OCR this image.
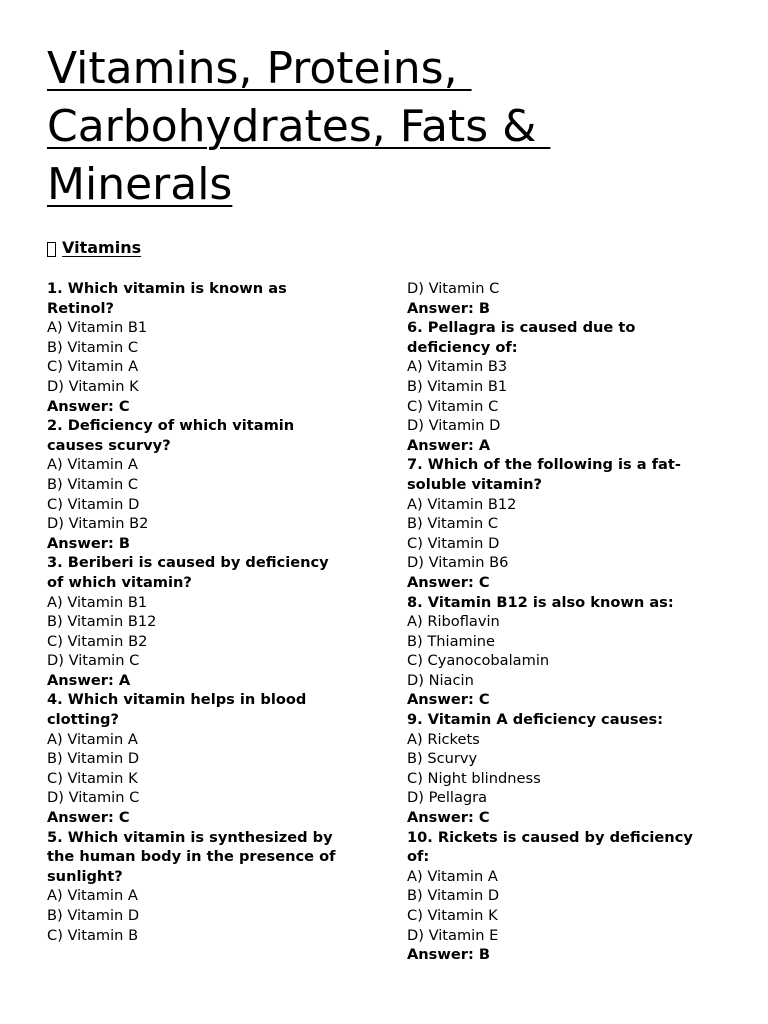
Vitamins, Proteins,
Carbohydrates, Fats &
Minerals
Vitamins
1. Which vitamin is known as
Retinol?
A) Vitamin B1
B) Vitamin C
C) Vitamin A
D) Vitamin K
Answer: C
2. Deficiency of which vitamin
causes scurvy?
A) Vitamin A
B) Vitamin C
C) Vitamin D
D) Vitamin B2
Answer: B
3. Beriberi is caused by deficiency
of which vitamin?
A) Vitamin B1
B) Vitamin B12
C) Vitamin B2
D) Vitamin C
Answer: A
4. Which vitamin helps in blood
clotting?
A) Vitamin A
B) Vitamin D
C) Vitamin K
D) Vitamin C
Answer: C
5. Which vitamin is synthesized by
the human body in the presence of
sunlight?
A) Vitamin A
B) Vitamin D
C) Vitamin B
D) Vitamin C
Answer: B
6. Pellagra is caused due to
deficiency of:
A) Vitamin B3
B) Vitamin B1
C) Vitamin C
D) Vitamin D
Answer: A
7. Which of the following is a fat-
soluble vitamin?
A) Vitamin B12
B) Vitamin C
C) Vitamin D
D) Vitamin B6
Answer: C
8. Vitamin B12 is also known as:
A) Riboflavin
B) Thiamine
C) Cyanocobalamin
D) Niacin
Answer: C
9. Vitamin A deficiency causes:
A) Rickets
B) Scurvy
C) Night blindness
D) Pellagra
Answer: C
10. Rickets is caused by deficiency
of:
A) Vitamin A
B) Vitamin D
C) Vitamin K
D) Vitamin E
Answer: B
